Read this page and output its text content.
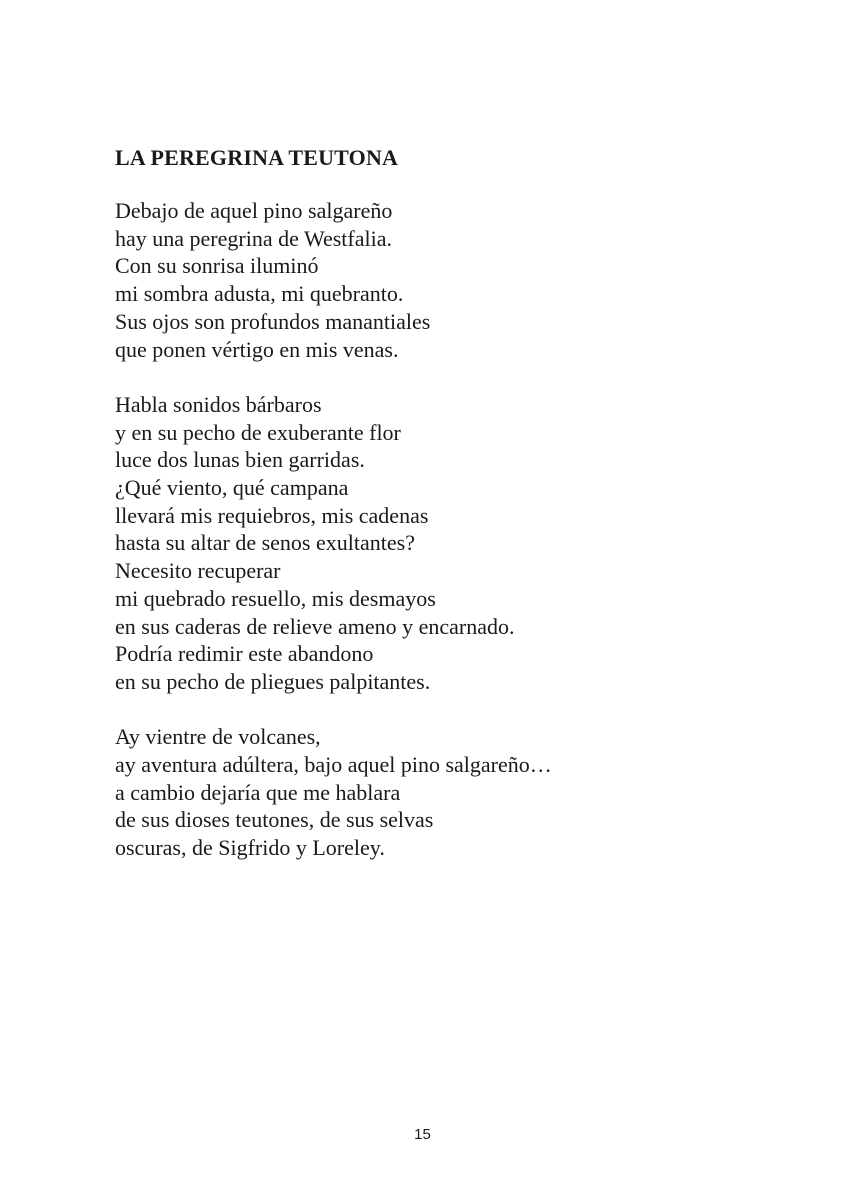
LA PEREGRINA TEUTONA
Debajo de aquel pino salgareño
hay una peregrina de Westfalia.
Con su sonrisa iluminó
mi sombra adusta, mi quebranto.
Sus ojos son profundos manantiales
que ponen vértigo en mis venas.
Habla sonidos bárbaros
y en su pecho de exuberante flor
luce dos lunas bien garridas.
¿Qué viento, qué campana
llevará mis requiebros, mis cadenas
hasta su altar de senos exultantes?
Necesito recuperar
mi quebrado resuello, mis desmayos
en sus caderas de relieve ameno y encarnado.
Podría redimir este abandono
en su pecho de pliegues palpitantes.
Ay vientre de volcanes,
ay aventura adúltera, bajo aquel pino salgareño…
a cambio dejaría que me hablara
de sus dioses teutones, de sus selvas
oscuras, de Sigfrido y Loreley.
15
